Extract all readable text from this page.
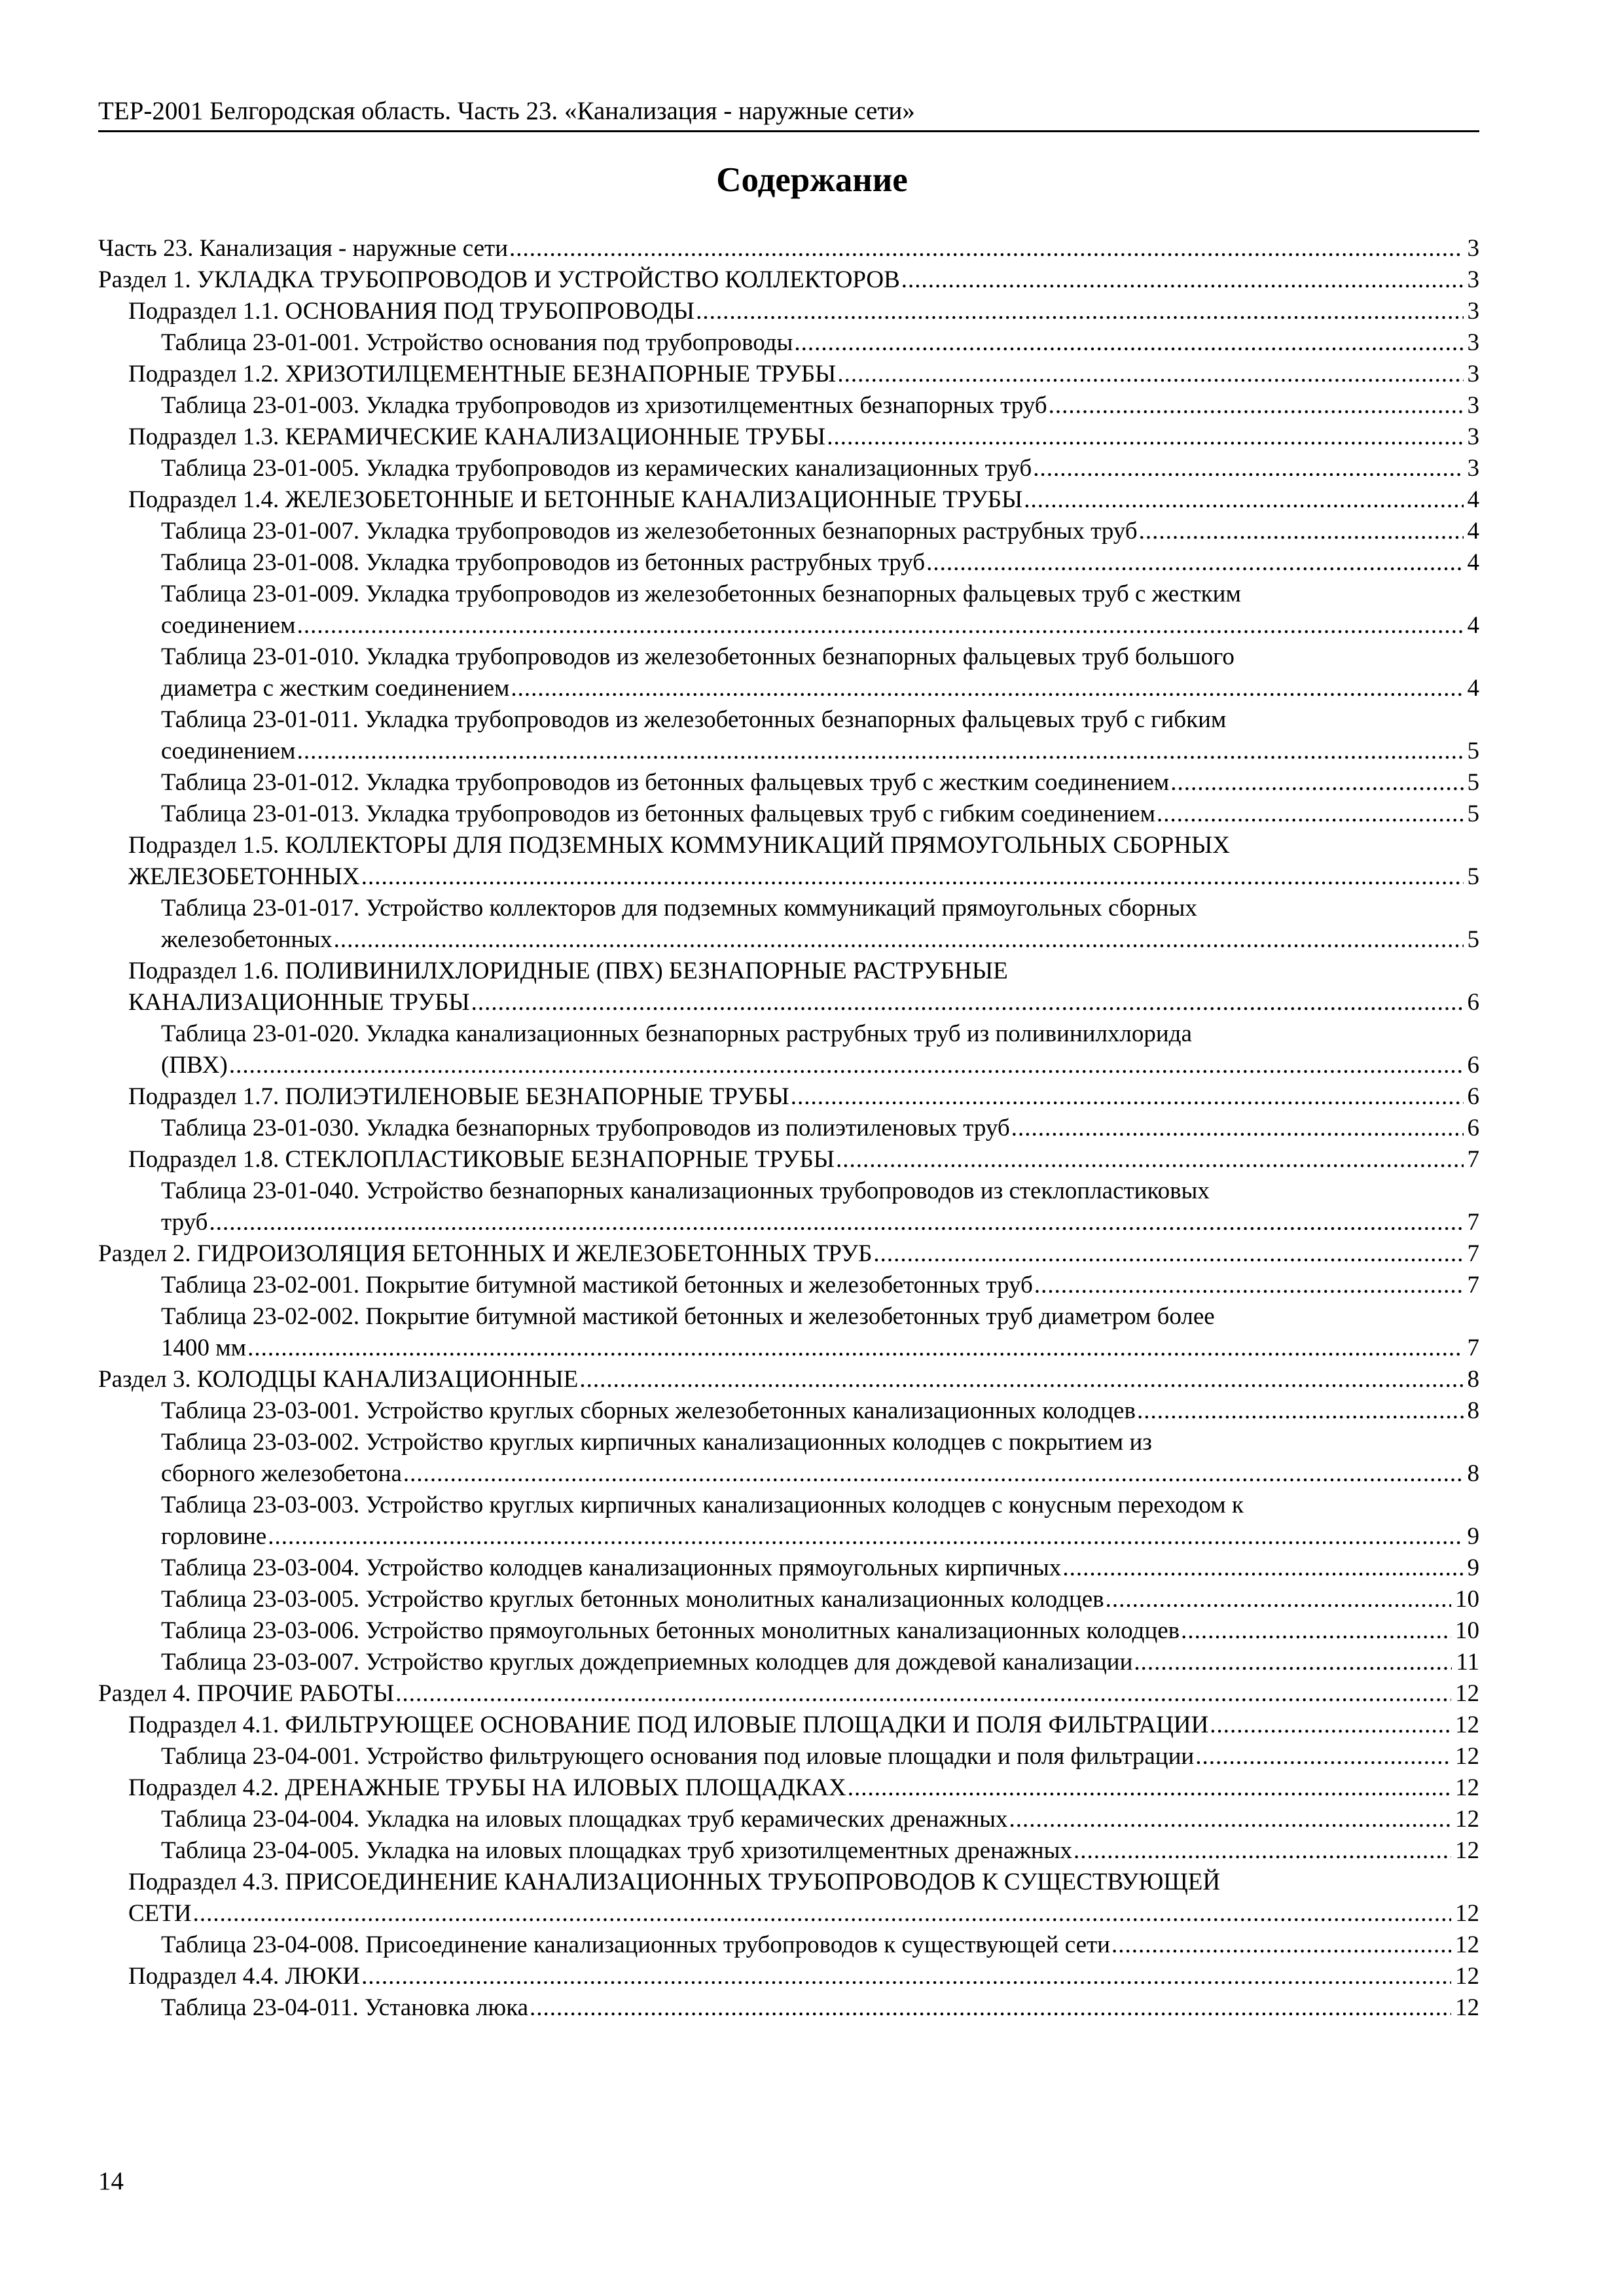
ТЕР-2001 Белгородская область. Часть 23. «Канализация - наружные сети»
Содержание
Часть 23. Канализация - наружные сети .....	3
Раздел 1. УКЛАДКА ТРУБОПРОВОДОВ И УСТРОЙСТВО КОЛЛЕКТОРОВ .....	3
Подраздел 1.1. ОСНОВАНИЯ ПОД ТРУБОПРОВОДЫ .....	3
Таблица 23-01-001. Устройство основания под трубопроводы .....	3
Подраздел 1.2. ХРИЗОТИЛЦЕМЕНТНЫЕ БЕЗНАПОРНЫЕ ТРУБЫ .....	3
Таблица 23-01-003. Укладка трубопроводов из хризотилцементных безнапорных труб .....	3
Подраздел 1.3. КЕРАМИЧЕСКИЕ КАНАЛИЗАЦИОННЫЕ ТРУБЫ .....	3
Таблица 23-01-005. Укладка трубопроводов из керамических канализационных труб .....	3
Подраздел 1.4. ЖЕЛЕЗОБЕТОННЫЕ И БЕТОННЫЕ КАНАЛИЗАЦИОННЫЕ ТРУБЫ .....	4
Таблица 23-01-007. Укладка трубопроводов из железобетонных безнапорных раструбных труб .....	4
Таблица 23-01-008. Укладка трубопроводов из бетонных раструбных труб .....	4
Таблица 23-01-009. Укладка трубопроводов из железобетонных безнапорных фальцевых труб с жестким
соединением .....	4
Таблица 23-01-010. Укладка трубопроводов из железобетонных безнапорных фальцевых труб большого
диаметра с жестким соединением .....	4
Таблица 23-01-011. Укладка трубопроводов из железобетонных безнапорных фальцевых труб с гибким
соединением .....	5
Таблица 23-01-012. Укладка трубопроводов из бетонных фальцевых труб с жестким соединением .....	5
Таблица 23-01-013. Укладка трубопроводов из бетонных фальцевых труб с гибким соединением .....	5
Подраздел 1.5. КОЛЛЕКТОРЫ ДЛЯ ПОДЗЕМНЫХ КОММУНИКАЦИЙ ПРЯМОУГОЛЬНЫХ СБОРНЫХ
ЖЕЛЕЗОБЕТОННЫХ .....	5
Таблица 23-01-017. Устройство коллекторов для подземных коммуникаций прямоугольных сборных
железобетонных .....	5
Подраздел 1.6. ПОЛИВИНИЛХЛОРИДНЫЕ (ПВХ) БЕЗНАПОРНЫЕ РАСТРУБНЫЕ
КАНАЛИЗАЦИОННЫЕ ТРУБЫ .....	6
Таблица 23-01-020. Укладка канализационных безнапорных раструбных труб из поливинилхлорида
(ПВХ) .....	6
Подраздел 1.7. ПОЛИЭТИЛЕНОВЫЕ БЕЗНАПОРНЫЕ ТРУБЫ .....	6
Таблица 23-01-030. Укладка безнапорных трубопроводов из полиэтиленовых труб .....	6
Подраздел 1.8. СТЕКЛОПЛАСТИКОВЫЕ БЕЗНАПОРНЫЕ ТРУБЫ .....	7
Таблица 23-01-040. Устройство безнапорных канализационных трубопроводов из стеклопластиковых
труб .....	7
Раздел 2. ГИДРОИЗОЛЯЦИЯ БЕТОННЫХ И ЖЕЛЕЗОБЕТОННЫХ ТРУБ .....	7
Таблица 23-02-001. Покрытие битумной мастикой бетонных и железобетонных труб .....	7
Таблица 23-02-002. Покрытие битумной мастикой бетонных и железобетонных труб диаметром более
1400 мм .....	7
Раздел 3. КОЛОДЦЫ КАНАЛИЗАЦИОННЫЕ .....	8
Таблица 23-03-001. Устройство круглых сборных железобетонных канализационных колодцев .....	8
Таблица 23-03-002. Устройство круглых кирпичных канализационных колодцев с покрытием из
сборного железобетона .....	8
Таблица 23-03-003. Устройство круглых кирпичных канализационных колодцев с конусным переходом к
горловине .....	9
Таблица 23-03-004. Устройство колодцев канализационных прямоугольных кирпичных .....	9
Таблица 23-03-005. Устройство круглых бетонных монолитных канализационных колодцев .....	10
Таблица 23-03-006. Устройство прямоугольных бетонных монолитных канализационных колодцев .....	10
Таблица 23-03-007. Устройство круглых дождеприемных колодцев для дождевой канализации .....	11
Раздел 4. ПРОЧИЕ РАБОТЫ .....	12
Подраздел 4.1. ФИЛЬТРУЮЩЕЕ ОСНОВАНИЕ ПОД ИЛОВЫЕ ПЛОЩАДКИ И ПОЛЯ ФИЛЬТРАЦИИ .....	12
Таблица 23-04-001. Устройство фильтрующего основания под иловые площадки и поля фильтрации .....	12
Подраздел 4.2. ДРЕНАЖНЫЕ ТРУБЫ НА ИЛОВЫХ ПЛОЩАДКАХ .....	12
Таблица 23-04-004. Укладка на иловых площадках труб керамических дренажных .....	12
Таблица 23-04-005. Укладка на иловых площадках труб хризотилцементных дренажных .....	12
Подраздел 4.3. ПРИСОЕДИНЕНИЕ КАНАЛИЗАЦИОННЫХ ТРУБОПРОВОДОВ К СУЩЕСТВУЮЩЕЙ
СЕТИ .....	12
Таблица 23-04-008. Присоединение канализационных трубопроводов к существующей сети .....	12
Подраздел 4.4. ЛЮКИ .....	12
Таблица 23-04-011. Установка люка .....	12
14
